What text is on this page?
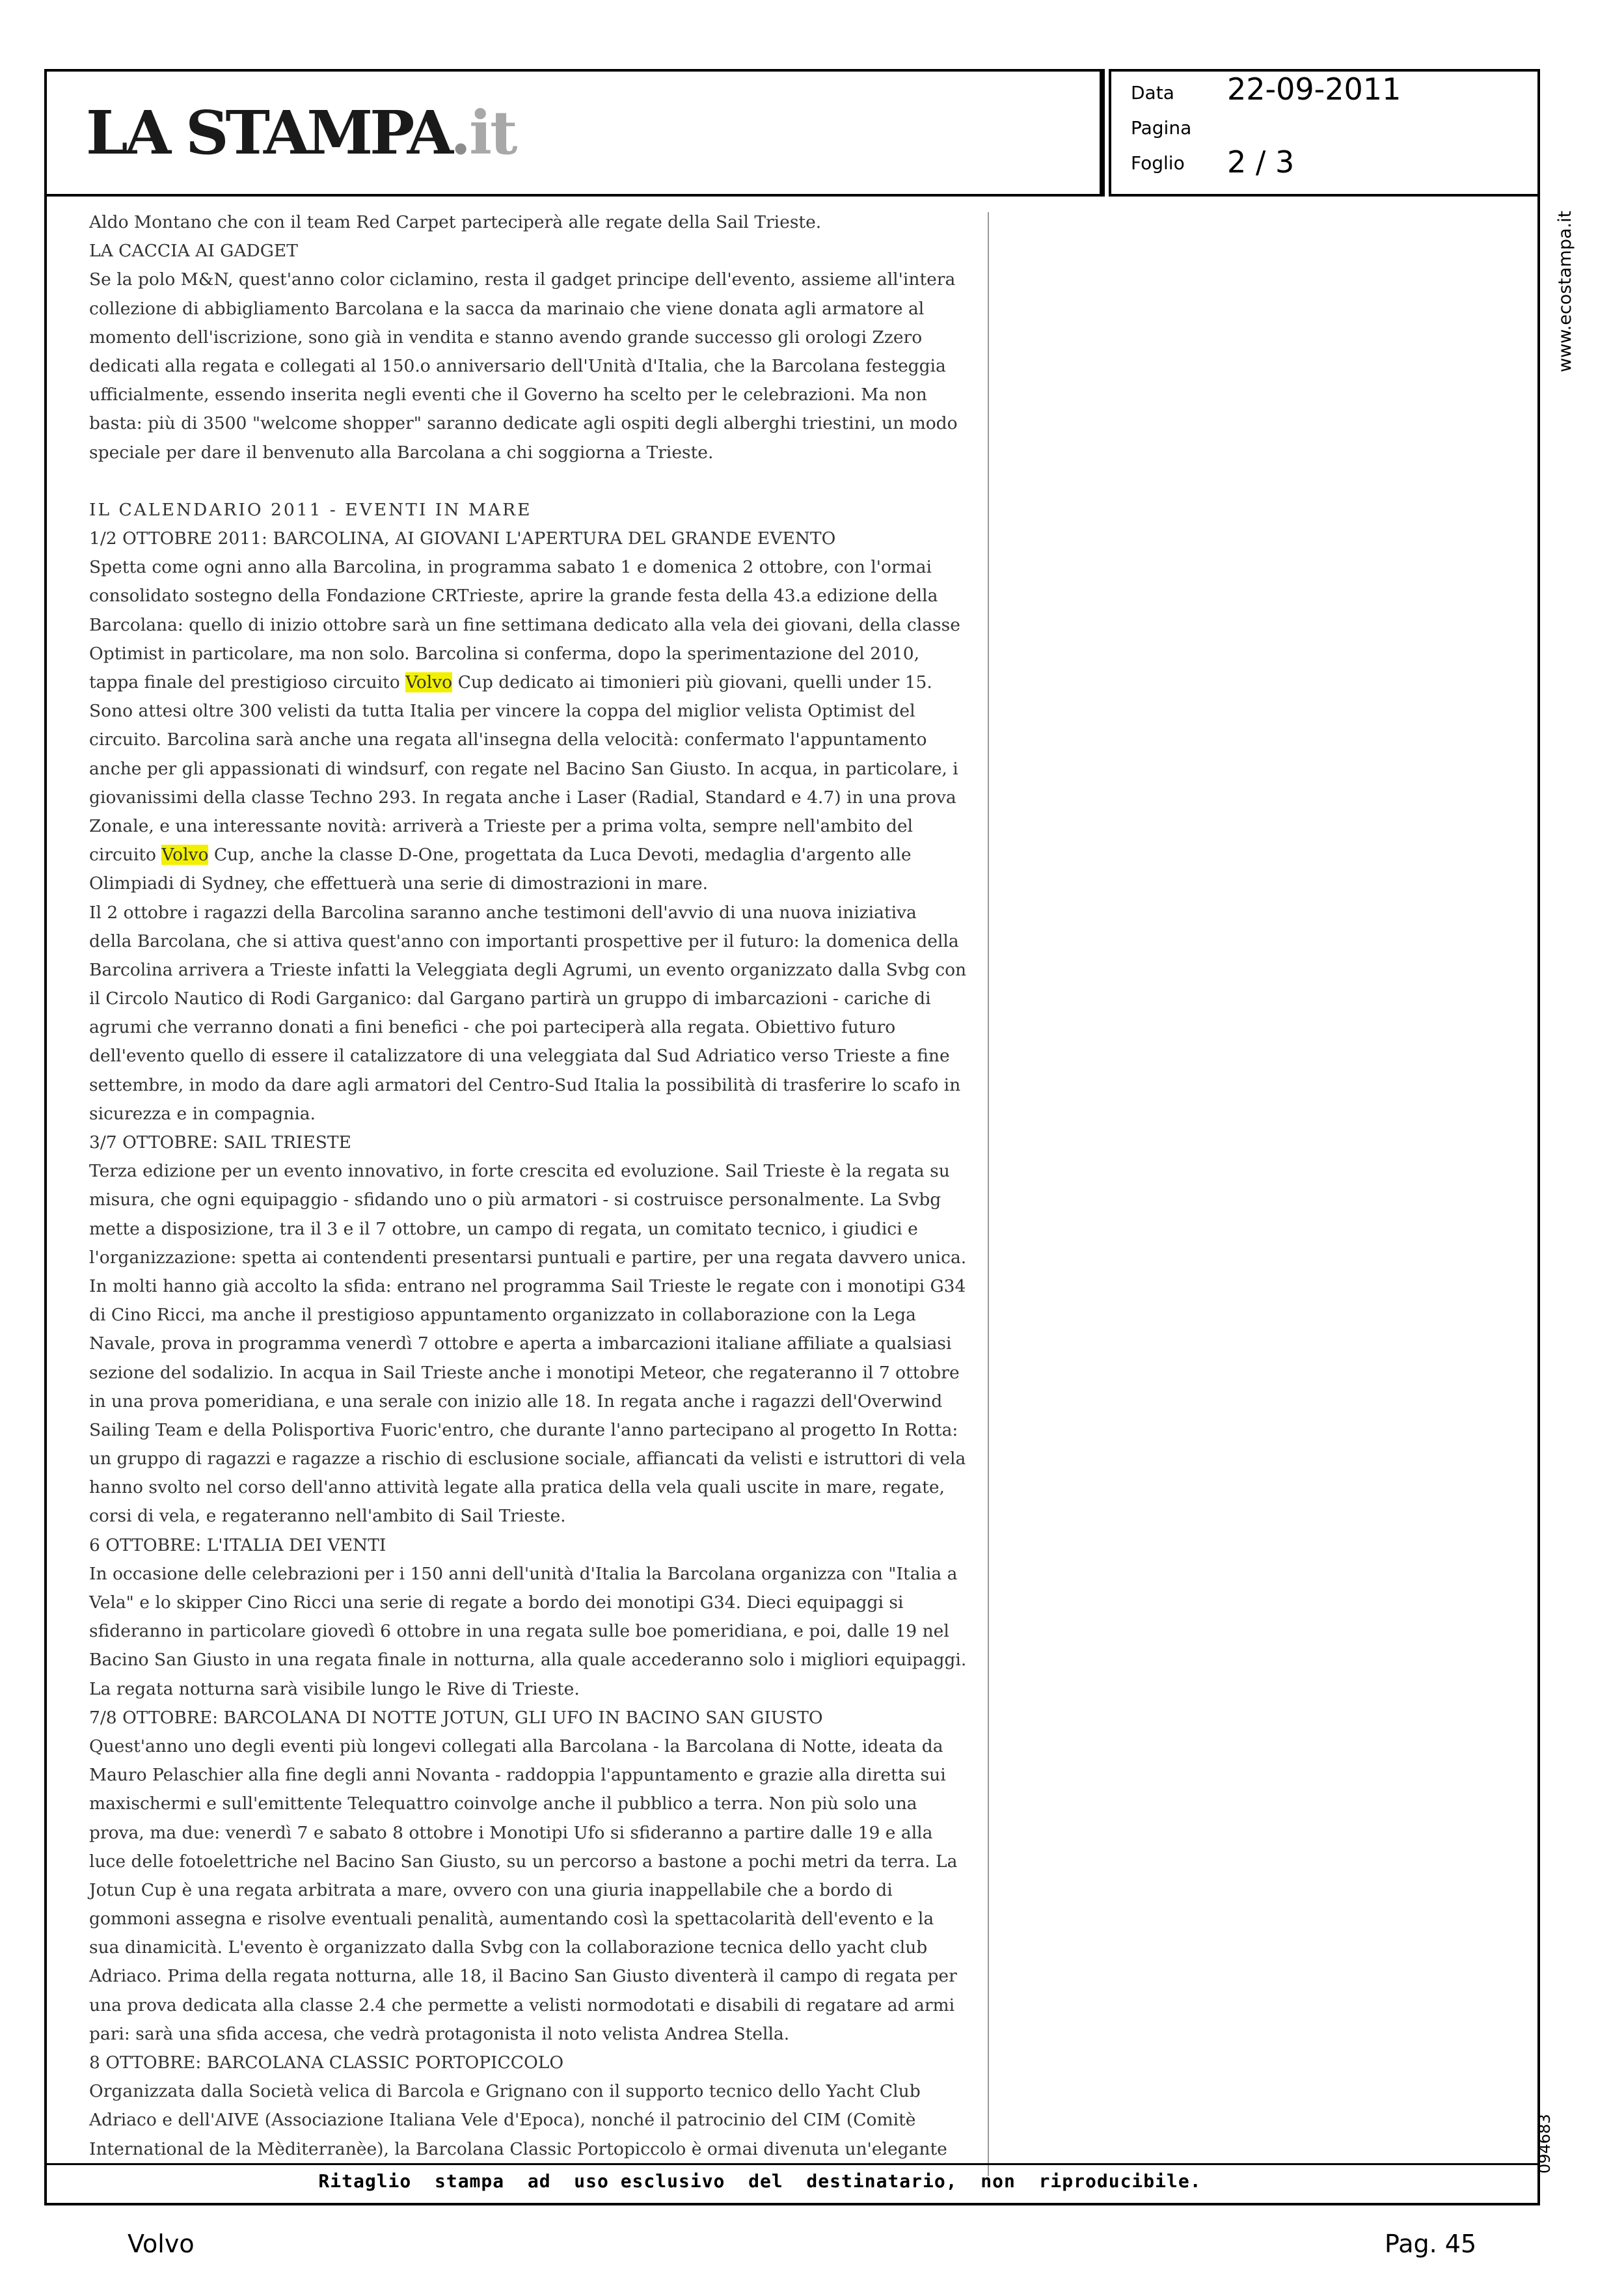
LA STAMPA . it
Data 22-09-2011
Pagina
Foglio 2 / 3
Aldo Montano che con il team Red Carpet parteciperà alle regate della Sail Trieste.
LA CACCIA AI GADGET
Se la polo M&N, quest'anno color ciclamino, resta il gadget principe dell'evento, assieme all'intera
collezione di abbigliamento Barcolana e la sacca da marinaio che viene donata agli armatore al
momento dell'iscrizione, sono già in vendita e stanno avendo grande successo gli orologi Zzero
dedicati alla regata e collegati al 150.o anniversario dell'Unità d'Italia, che la Barcolana festeggia
ufficialmente, essendo inserita negli eventi che il Governo ha scelto per le celebrazioni. Ma non
basta: più di 3500 "welcome shopper" saranno dedicate agli ospiti degli alberghi triestini, un modo
speciale per dare il benvenuto alla Barcolana a chi soggiorna a Trieste.
IL CALENDARIO 2011 - EVENTI IN MARE
1/2 OTTOBRE 2011: BARCOLINA, AI GIOVANI L'APERTURA DEL GRANDE EVENTO
Spetta come ogni anno alla Barcolina, in programma sabato 1 e domenica 2 ottobre, con l'ormai
consolidato sostegno della Fondazione CRTrieste, aprire la grande festa della 43.a edizione della
Barcolana: quello di inizio ottobre sarà un fine settimana dedicato alla vela dei giovani, della classe
Optimist in particolare, ma non solo. Barcolina si conferma, dopo la sperimentazione del 2010,
tappa finale del prestigioso circuito Volvo Cup dedicato ai timonieri più giovani, quelli under 15.
Sono attesi oltre 300 velisti da tutta Italia per vincere la coppa del miglior velista Optimist del
circuito. Barcolina sarà anche una regata all'insegna della velocità: confermato l'appuntamento
anche per gli appassionati di windsurf, con regate nel Bacino San Giusto. In acqua, in particolare, i
giovanissimi della classe Techno 293. In regata anche i Laser (Radial, Standard e 4.7) in una prova
Zonale, e una interessante novità: arriverà a Trieste per a prima volta, sempre nell'ambito del
circuito Volvo Cup, anche la classe D-One, progettata da Luca Devoti, medaglia d'argento alle
Olimpiadi di Sydney, che effettuerà una serie di dimostrazioni in mare.
Il 2 ottobre i ragazzi della Barcolina saranno anche testimoni dell'avvio di una nuova iniziativa
della Barcolana, che si attiva quest'anno con importanti prospettive per il futuro: la domenica della
Barcolina arrivera a Trieste infatti la Veleggiata degli Agrumi, un evento organizzato dalla Svbg con
il Circolo Nautico di Rodi Garganico: dal Gargano partirà un gruppo di imbarcazioni - cariche di
agrumi che verranno donati a fini benefici - che poi parteciperà alla regata. Obiettivo futuro
dell'evento quello di essere il catalizzatore di una veleggiata dal Sud Adriatico verso Trieste a fine
settembre, in modo da dare agli armatori del Centro-Sud Italia la possibilità di trasferire lo scafo in
sicurezza e in compagnia.
3/7 OTTOBRE: SAIL TRIESTE
Terza edizione per un evento innovativo, in forte crescita ed evoluzione. Sail Trieste è la regata su
misura, che ogni equipaggio - sfidando uno o più armatori - si costruisce personalmente. La Svbg
mette a disposizione, tra il 3 e il 7 ottobre, un campo di regata, un comitato tecnico, i giudici e
l'organizzazione: spetta ai contendenti presentarsi puntuali e partire, per una regata davvero unica.
In molti hanno già accolto la sfida: entrano nel programma Sail Trieste le regate con i monotipi G34
di Cino Ricci, ma anche il prestigioso appuntamento organizzato in collaborazione con la Lega
Navale, prova in programma venerdì 7 ottobre e aperta a imbarcazioni italiane affiliate a qualsiasi
sezione del sodalizio. In acqua in Sail Trieste anche i monotipi Meteor, che regateranno il 7 ottobre
in una prova pomeridiana, e una serale con inizio alle 18. In regata anche i ragazzi dell'Overwind
Sailing Team e della Polisportiva Fuoric'entro, che durante l'anno partecipano al progetto In Rotta:
un gruppo di ragazzi e ragazze a rischio di esclusione sociale, affiancati da velisti e istruttori di vela
hanno svolto nel corso dell'anno attività legate alla pratica della vela quali uscite in mare, regate,
corsi di vela, e regateranno nell'ambito di Sail Trieste.
6 OTTOBRE: L'ITALIA DEI VENTI
In occasione delle celebrazioni per i 150 anni dell'unità d'Italia la Barcolana organizza con "Italia a
Vela" e lo skipper Cino Ricci una serie di regate a bordo dei monotipi G34. Dieci equipaggi si
sfideranno in particolare giovedì 6 ottobre in una regata sulle boe pomeridiana, e poi, dalle 19 nel
Bacino San Giusto in una regata finale in notturna, alla quale accederanno solo i migliori equipaggi.
La regata notturna sarà visibile lungo le Rive di Trieste.
7/8 OTTOBRE: BARCOLANA DI NOTTE JOTUN, GLI UFO IN BACINO SAN GIUSTO
Quest'anno uno degli eventi più longevi collegati alla Barcolana - la Barcolana di Notte, ideata da
Mauro Pelaschier alla fine degli anni Novanta - raddoppia l'appuntamento e grazie alla diretta sui
maxischermi e sull'emittente Telequattro coinvolge anche il pubblico a terra. Non più solo una
prova, ma due: venerdì 7 e sabato 8 ottobre i Monotipi Ufo si sfideranno a partire dalle 19 e alla
luce delle fotoelettriche nel Bacino San Giusto, su un percorso a bastone a pochi metri da terra. La
Jotun Cup è una regata arbitrata a mare, ovvero con una giuria inappellabile che a bordo di
gommoni assegna e risolve eventuali penalità, aumentando così la spettacolarità dell'evento e la
sua dinamicità. L'evento è organizzato dalla Svbg con la collaborazione tecnica dello yacht club
Adriaco. Prima della regata notturna, alle 18, il Bacino San Giusto diventerà il campo di regata per
una prova dedicata alla classe 2.4 che permette a velisti normodotati e disabili di regatare ad armi
pari: sarà una sfida accesa, che vedrà protagonista il noto velista Andrea Stella.
8 OTTOBRE: BARCOLANA CLASSIC PORTOPICCOLO
Organizzata dalla Società velica di Barcola e Grignano con il supporto tecnico dello Yacht Club
Adriaco e dell'AIVE (Associazione Italiana Vele d'Epoca), nonché il patrocinio del CIM (Comitè
International de la Mèditerranèe), la Barcolana Classic Portopiccolo è ormai divenuta un'elegante
Ritaglio  stampa  ad  uso esclusivo  del  destinatario,  non  riproducibile.
www.ecostampa.it
094683
Volvo	Pag. 45
